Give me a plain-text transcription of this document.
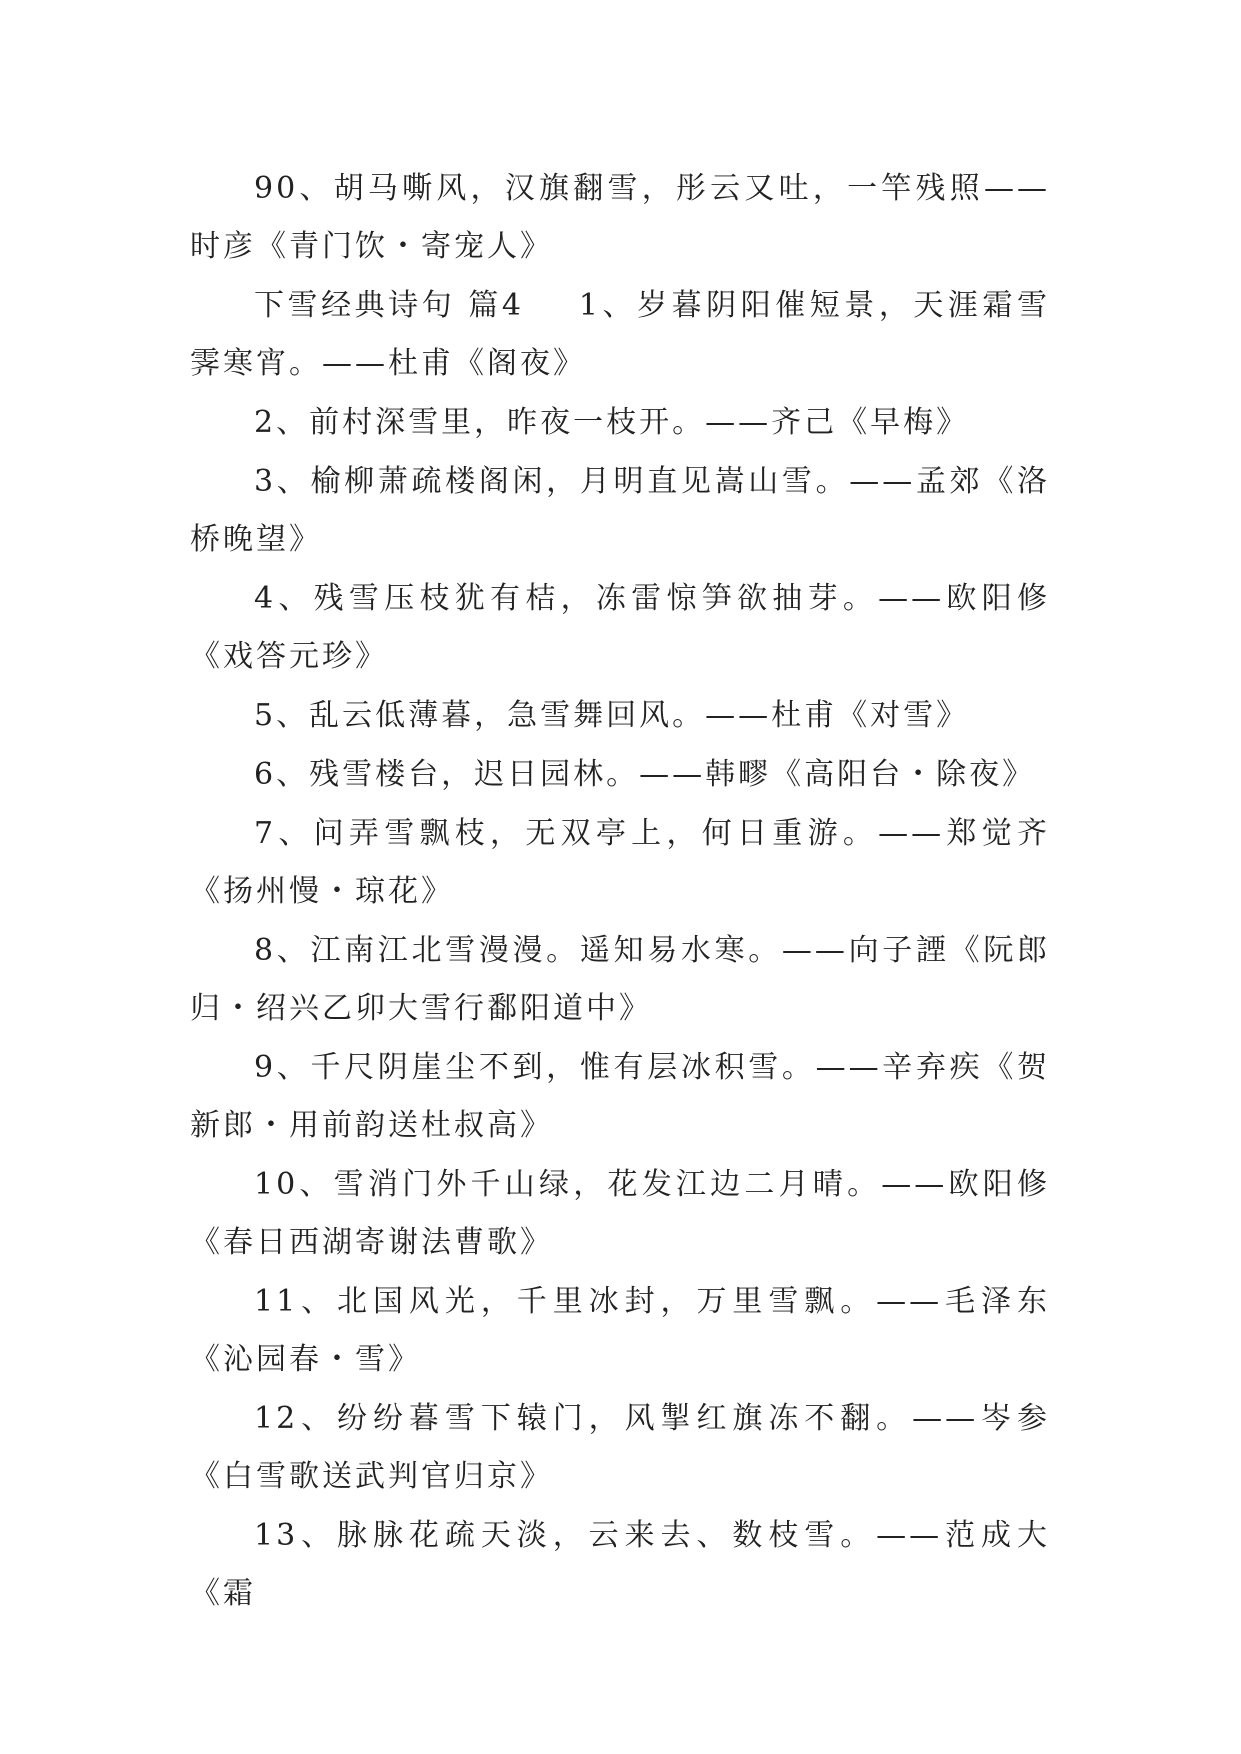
90、胡马嘶风，汉旗翻雪，彤云又吐，一竿残照——时彦《青门饮・寄宠人》

下雪经典诗句 篇4 1、岁暮阴阳催短景，天涯霜雪霁寒宵。——杜甫《阁夜》

2、前村深雪里，昨夜一枝开。——齐己《早梅》

3、榆柳萧疏楼阁闲，月明直见嵩山雪。——孟郊《洛桥晚望》

4、残雪压枝犹有桔，冻雷惊笋欲抽芽。——欧阳修《戏答元珍》

5、乱云低薄暮，急雪舞回风。——杜甫《对雪》

6、残雪楼台，迟日园林。——韩疁《高阳台・除夜》

7、问弄雪飘枝，无双亭上，何日重游。——郑觉齐《扬州慢・琼花》

8、江南江北雪漫漫。遥知易水寒。——向子諲《阮郎归・绍兴乙卯大雪行鄱阳道中》

9、千尺阴崖尘不到，惟有层冰积雪。——辛弃疾《贺新郎・用前韵送杜叔高》

10、雪消门外千山绿，花发江边二月晴。——欧阳修《春日西湖寄谢法曹歌》

11、北国风光，千里冰封，万里雪飘。——毛泽东《沁园春・雪》

12、纷纷暮雪下辕门，风掣红旗冻不翻。——岑参《白雪歌送武判官归京》

13、脉脉花疏天淡，云来去、数枝雪。——范成大《霜
